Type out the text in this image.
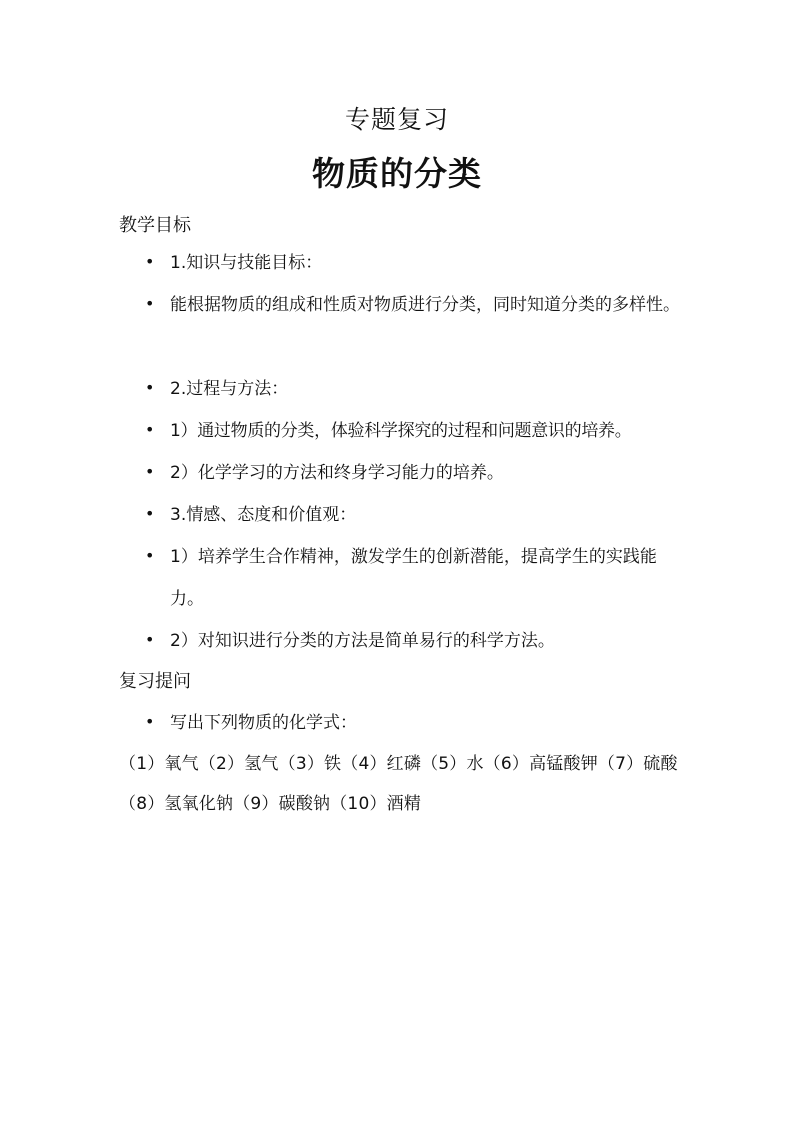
专题复习
物质的分类
教学目标
• 1.知识与技能目标：
• 能根据物质的组成和性质对物质进行分类，同时知道分类的多样性。
• 2.过程与方法：
• 1）通过物质的分类，体验科学探究的过程和问题意识的培养。
• 2）化学学习的方法和终身学习能力的培养。
• 3.情感、态度和价值观：
• 1）培养学生合作精神，激发学生的创新潜能，提高学生的实践能力。
• 2）对知识进行分类的方法是简单易行的科学方法。
复习提问
• 写出下列物质的化学式：
（1）氧气（2）氢气（3）铁（4）红磷（5）水（6）高锰酸钾（7）硫酸（8）氢氧化钠（9）碳酸钠（10）酒精
